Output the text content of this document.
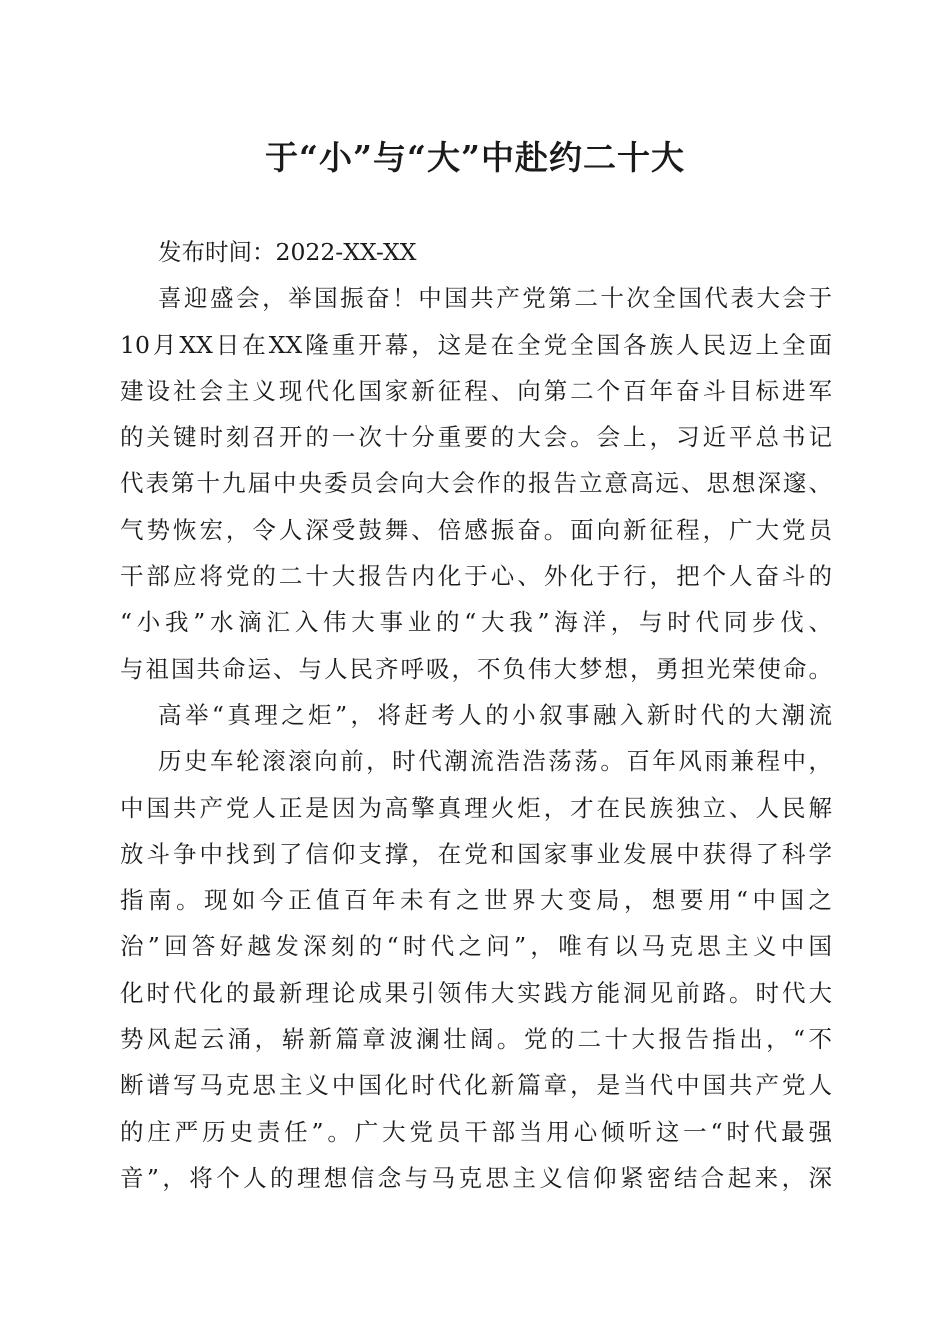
于“小”与“大”中赴约二十大
发布时间：2022-XX-XX
喜迎盛会，举国振奋！中国共产党第二十次全国代表大会于
10月XX日在XX隆重开幕，这是在全党全国各族人民迈上全面
建设社会主义现代化国家新征程、向第二个百年奋斗目标进军
的关键时刻召开的一次十分重要的大会。会上，习近平总书记
代表第十九届中央委员会向大会作的报告立意高远、思想深邃、
气势恢宏，令人深受鼓舞、倍感振奋。面向新征程，广大党员
干部应将党的二十大报告内化于心、外化于行，把个人奋斗的
“小我”水滴汇入伟大事业的“大我”海洋，与时代同步伐、
与祖国共命运、与人民齐呼吸，不负伟大梦想，勇担光荣使命。
高举“真理之炬”，将赶考人的小叙事融入新时代的大潮流
历史车轮滚滚向前，时代潮流浩浩荡荡。百年风雨兼程中，
中国共产党人正是因为高擎真理火炬，才在民族独立、人民解
放斗争中找到了信仰支撑，在党和国家事业发展中获得了科学
指南。现如今正值百年未有之世界大变局，想要用“中国之
治”回答好越发深刻的“时代之问”，唯有以马克思主义中国
化时代化的最新理论成果引领伟大实践方能洞见前路。时代大
势风起云涌，崭新篇章波澜壮阔。党的二十大报告指出，“不
断谱写马克思主义中国化时代化新篇章，是当代中国共产党人
的庄严历史责任”。广大党员干部当用心倾听这一“时代最强
音”，将个人的理想信念与马克思主义信仰紧密结合起来，深
